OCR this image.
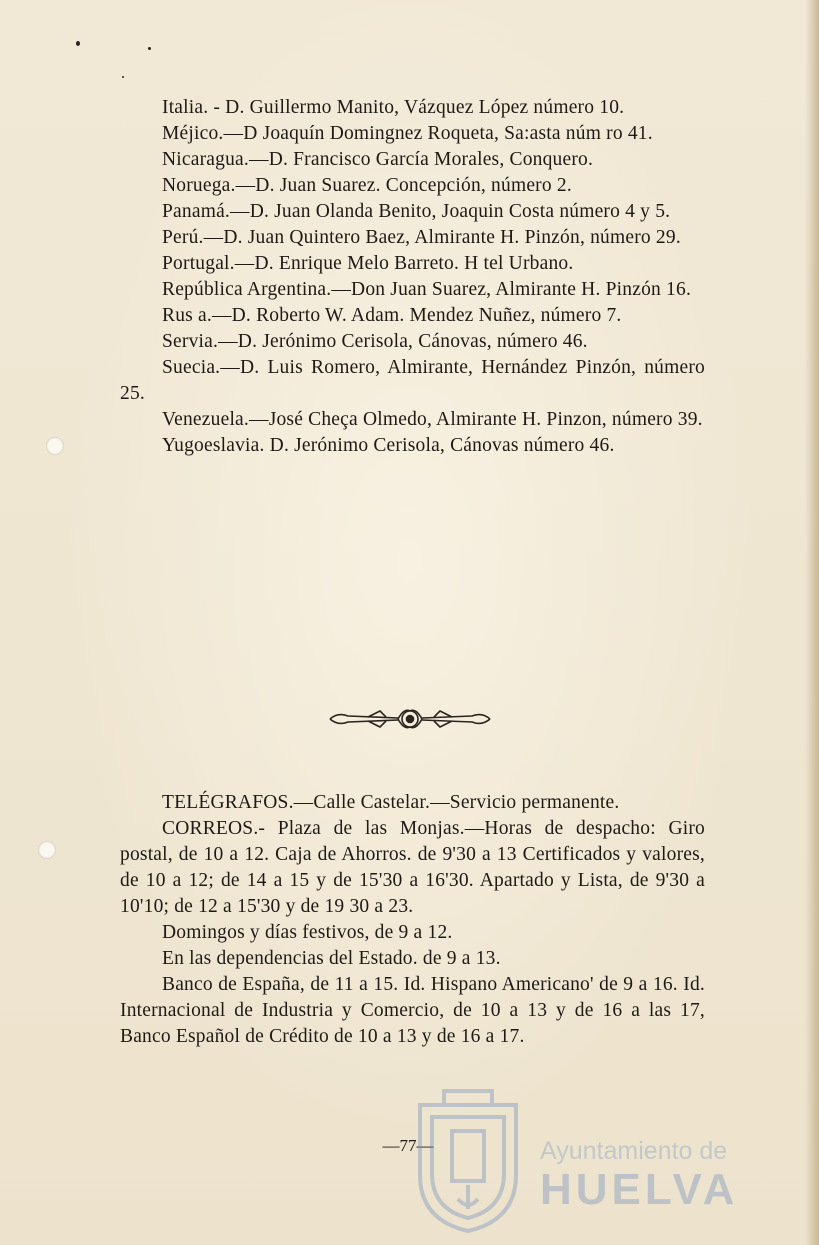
Italia. - D. Guillermo Manito, Vázquez López número 10.

Méjico.—D Joaquín Domingnez Roqueta, Sa:asta núm ro 41.

Nicaragua.—D. Francisco García Morales, Conquero.

Noruega.—D. Juan Suarez. Concepción, número 2.

Panamá.—D. Juan Olanda Benito, Joaquin Costa número 4 y 5.

Perú.—D. Juan Quintero Baez, Almirante H. Pinzón, número 29.

Portugal.—D. Enrique Melo Barreto. H tel Urbano.

República Argentina.—Don Juan Suarez, Almirante H. Pinzón 16.

Rus a.—D. Roberto W. Adam. Mendez Nuñez, número 7.

Servia.—D. Jerónimo Cerisola, Cánovas, número 46.

Suecia.—D. Luis Romero, Almirante, Hernández Pinzón, número 25.

Venezuela.—José Cheça Olmedo, Almirante H. Pinzon, número 39.

Yugoeslavia. D. Jerónimo Cerisola, Cánovas número 46.

TELÉGRAFOS.—Calle Castelar.—Servicio permanente.

CORREOS.- Plaza de las Monjas.—Horas de despacho: Giro postal, de 10 a 12. Caja de Ahorros. de 9'30 a 13 Certificados y valores, de 10 a 12; de 14 a 15 y de 15'30 a 16'30. Apartado y Lista, de 9'30 a 10'10; de 12 a 15'30 y de 19 30 a 23.

Domingos y días festivos, de 9 a 12.

En las dependencias del Estado. de 9 a 13.

Banco de España, de 11 a 15. Id. Hispano Americano' de 9 a 16. Id. Internacional de Industria y Comercio, de 10 a 13 y de 16 a las 17, Banco Español de Crédito de 10 a 13 y de 16 a 17.

—77—	Ayuntamiento de
HUELVA
